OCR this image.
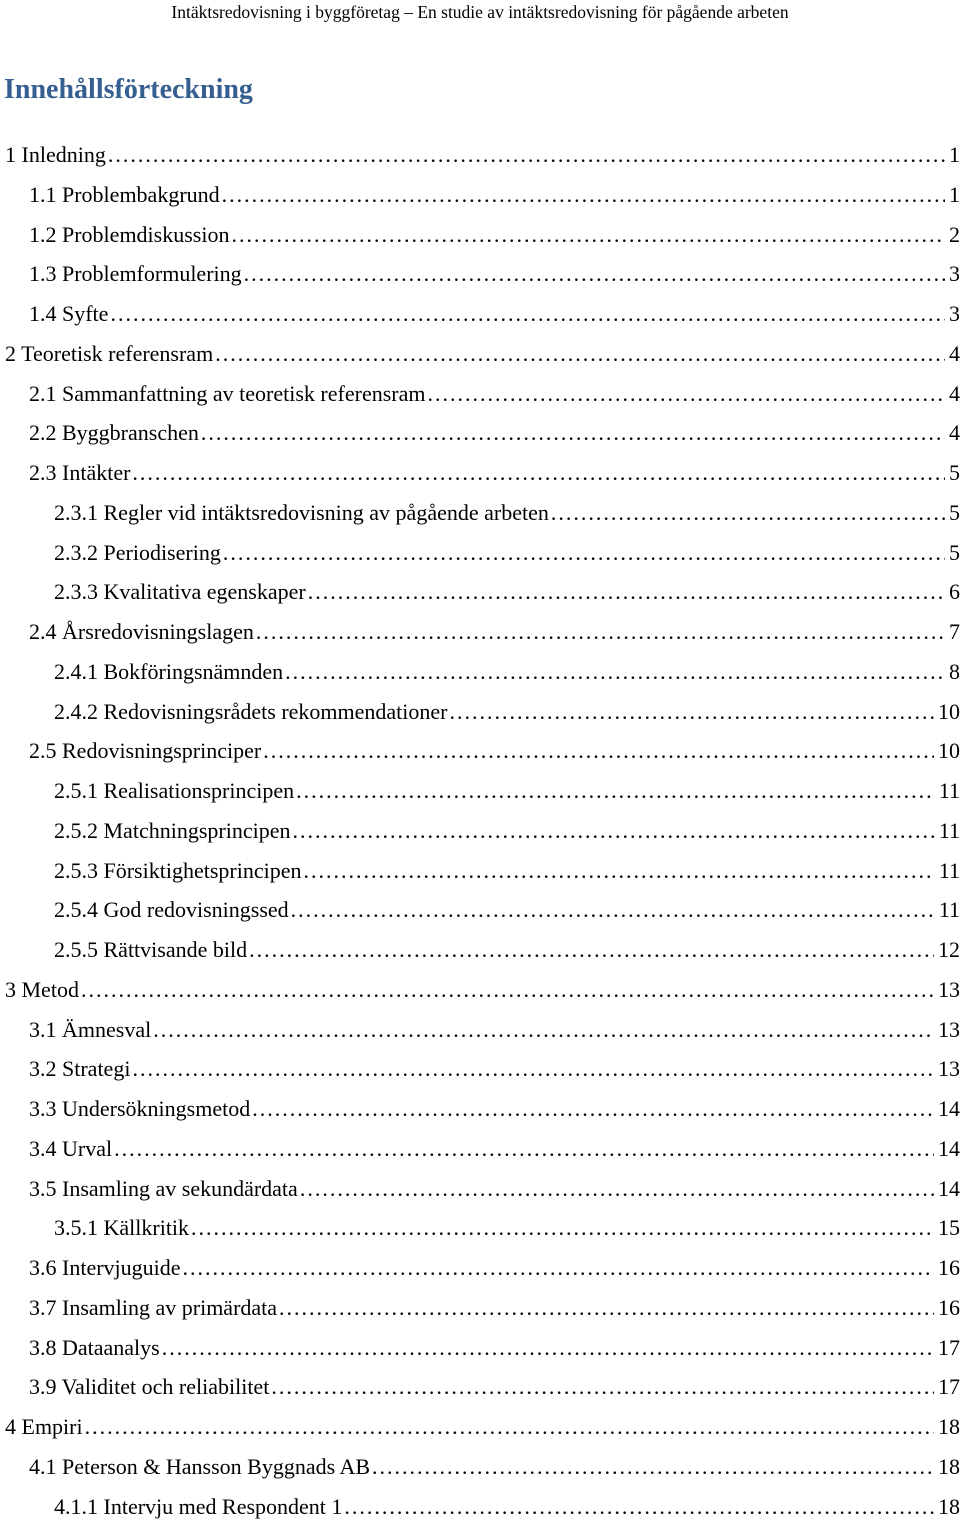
Intäktsredovisning i byggföretag – En studie av intäktsredovisning för pågående arbeten
Innehållsförteckning
1 Inledning . . .	1
1.1 Problembakgrund . . .	1
1.2 Problemdiskussion . . .	2
1.3 Problemformulering . . .	3
1.4 Syfte . . .	3
2 Teoretisk referensram . . .	4
2.1 Sammanfattning av teoretisk referensram . . .	4
2.2 Byggbranschen . . .	4
2.3 Intäkter . . .	5
2.3.1 Regler vid intäktsredovisning av pågående arbeten . . .	5
2.3.2 Periodisering . . .	5
2.3.3 Kvalitativa egenskaper . . .	6
2.4 Årsredovisningslagen . . .	7
2.4.1 Bokföringsnämnden . . .	8
2.4.2 Redovisningsrådets rekommendationer . . .	10
2.5 Redovisningsprinciper . . .	10
2.5.1 Realisationsprincipen . . .	11
2.5.2 Matchningsprincipen . . .	11
2.5.3 Försiktighetsprincipen . . .	11
2.5.4 God redovisningssed . . .	11
2.5.5 Rättvisande bild . . .	12
3 Metod . . .	13
3.1 Ämnesval . . .	13
3.2 Strategi . . .	13
3.3 Undersökningsmetod . . .	14
3.4 Urval . . .	14
3.5 Insamling av sekundärdata . . .	14
3.5.1 Källkritik . . .	15
3.6 Intervjuguide . . .	16
3.7 Insamling av primärdata . . .	16
3.8 Dataanalys . . .	17
3.9 Validitet och reliabilitet . . .	17
4 Empiri . . .	18
4.1 Peterson & Hansson Byggnads AB . . .	18
4.1.1 Intervju med Respondent 1 . . .	18
